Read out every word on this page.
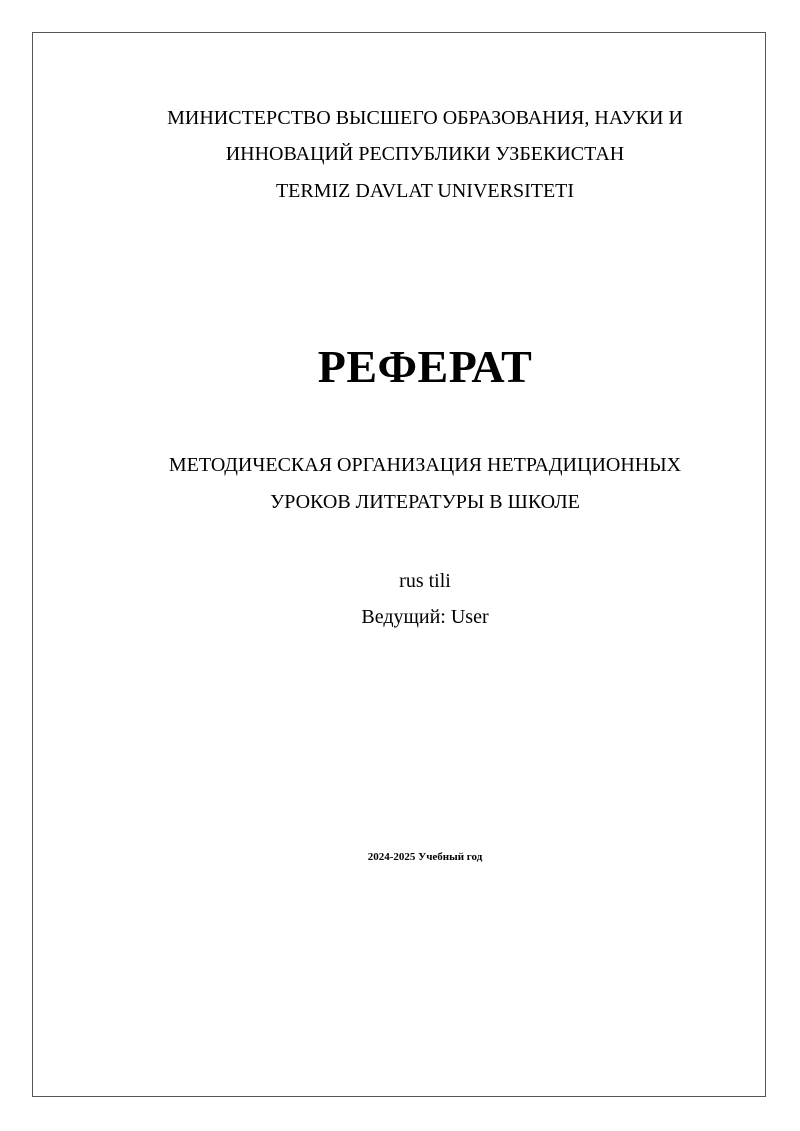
МИНИСТЕРСТВО ВЫСШЕГО ОБРАЗОВАНИЯ, НАУКИ И
ИННОВАЦИЙ РЕСПУБЛИКИ УЗБЕКИСТАН
TERMIZ DAVLAT UNIVERSITETI
РЕФЕРАТ
МЕТОДИЧЕСКАЯ ОРГАНИЗАЦИЯ НЕТРАДИЦИОННЫХ
УРОКОВ ЛИТЕРАТУРЫ В ШКОЛЕ
rus tili
Ведущий: User
2024-2025 Учебный год
